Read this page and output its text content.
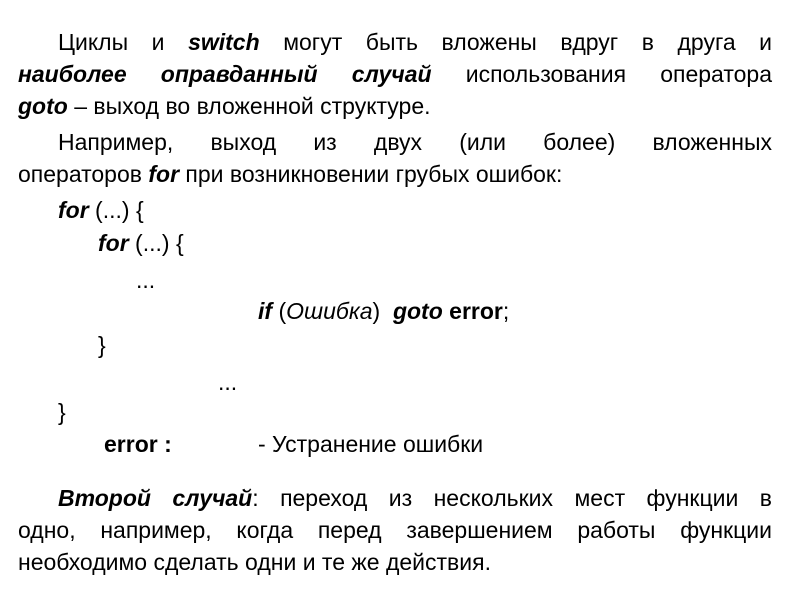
Циклы и switch могут быть вложены вдруг в друга и
наиболее оправданный случай использования оператора
goto – выход во вложенной структуре.
Например, выход из двух (или более) вложенных
операторов for при возникновении грубых ошибок:
for (...) {
for (...) {
...
if (Ошибка)  goto error;
}
...
}
error :	- Устранение ошибки
Второй случай: переход из нескольких мест функции в
одно, например, когда перед завершением работы функции
необходимо сделать одни и те же действия.
